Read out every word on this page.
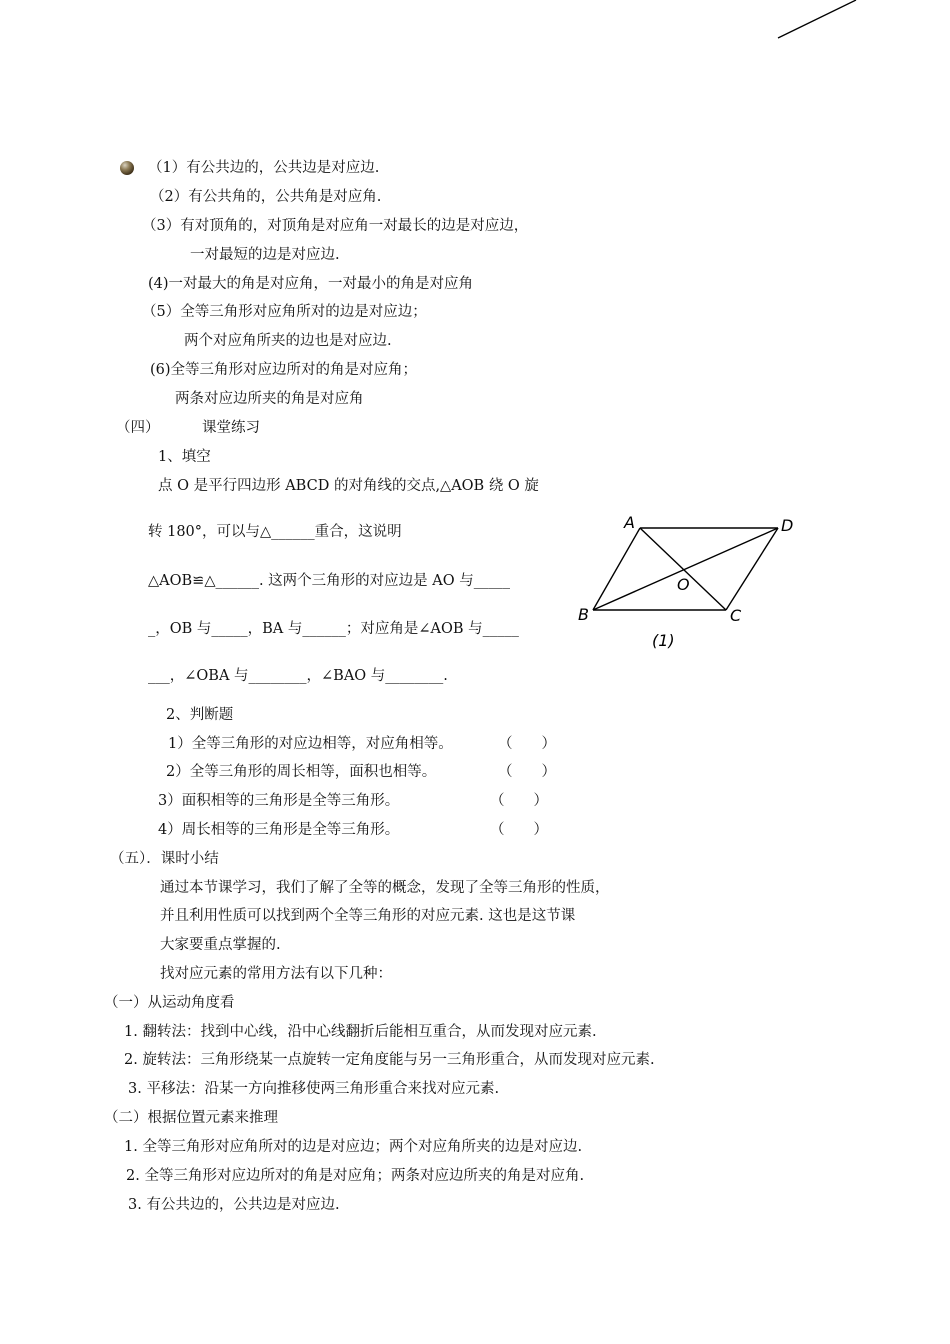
（1）有公共边的，公共边是对应边.
（2）有公共角的，公共角是对应角.
（3）有对顶角的，对顶角是对应角一对最长的边是对应边，
一对最短的边是对应边.
(4)一对最大的角是对应角，一对最小的角是对应角
（5）全等三角形对应角所对的边是对应边；
两个对应角所夹的边也是对应边.
(6)全等三角形对应边所对的角是对应角；
两条对应边所夹的角是对应角
（四）	课堂练习
1、填空
点 O 是平行四边形 ABCD 的对角线的交点,△AOB 绕 O 旋
转 180°，可以与△______重合，这说明
△AOB≌△______. 这两个三角形的对应边是 AO 与_____
_，OB 与_____，BA 与______；对应角是∠AOB 与_____
___，∠OBA 与________，∠BAO 与________.
A	D
B	C
O
(1)
2、判断题
1）全等三角形的对应边相等，对应角相等。	（　　）
2）全等三角形的周长相等，面积也相等。	（　　）
3）面积相等的三角形是全等三角形。	（　　）
4）周长相等的三角形是全等三角形。	（　　）
（五）．课时小结
通过本节课学习，我们了解了全等的概念，发现了全等三角形的性质，
并且利用性质可以找到两个全等三角形的对应元素. 这也是这节课
大家要重点掌握的.
找对应元素的常用方法有以下几种：
（一）从运动角度看
1. 翻转法：找到中心线，沿中心线翻折后能相互重合，从而发现对应元素.
2. 旋转法：三角形绕某一点旋转一定角度能与另一三角形重合，从而发现对应元素.
3. 平移法：沿某一方向推移使两三角形重合来找对应元素.
（二）根据位置元素来推理
1. 全等三角形对应角所对的边是对应边；两个对应角所夹的边是对应边.
2. 全等三角形对应边所对的角是对应角；两条对应边所夹的角是对应角.
3. 有公共边的，公共边是对应边.
